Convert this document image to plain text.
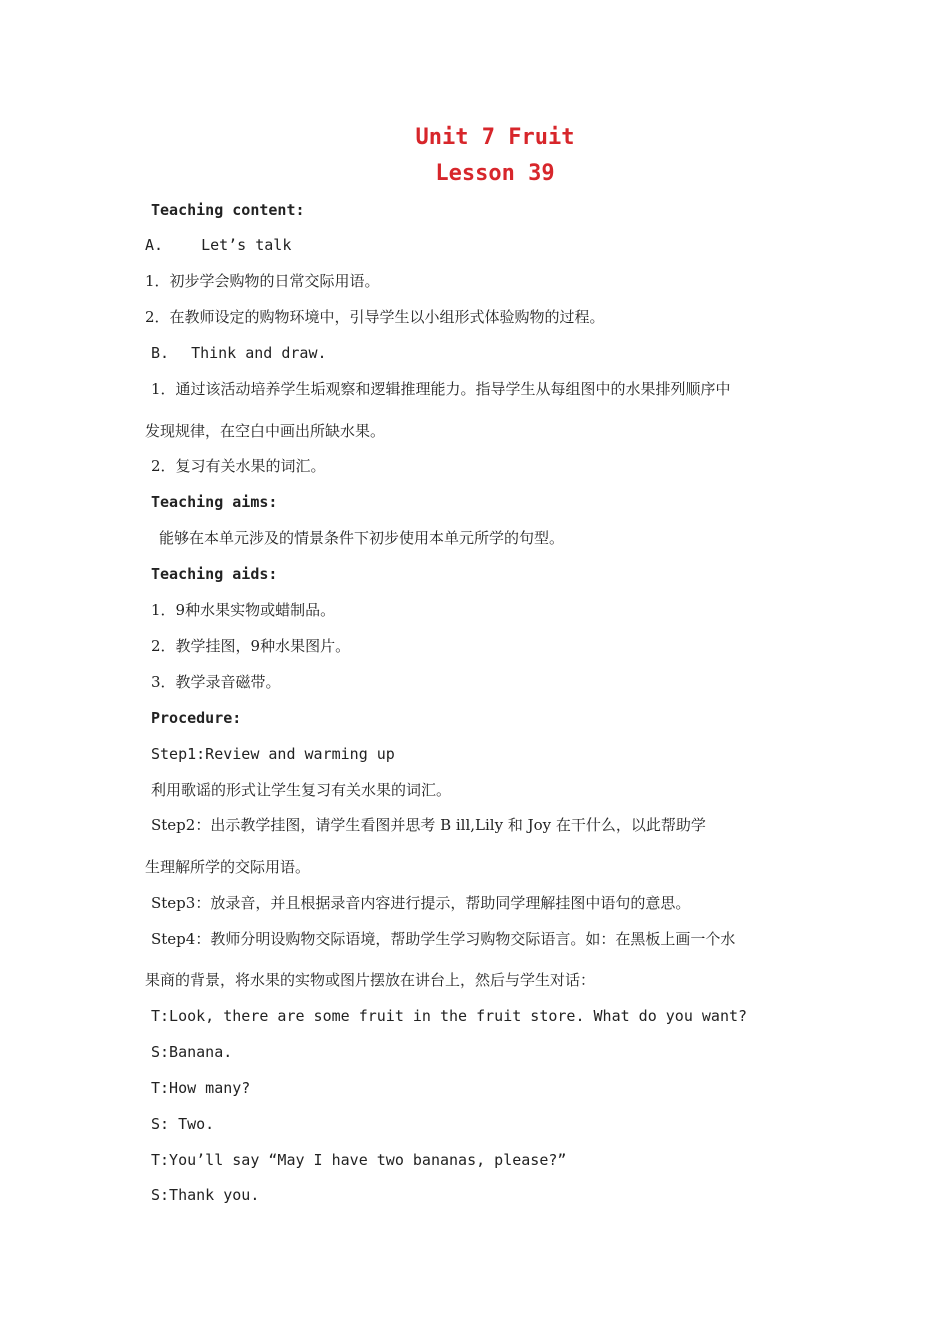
Unit 7 Fruit
Lesson 39
Teaching content:
A.	Let’s talk
1．初步学会购物的日常交际用语。
2．在教师设定的购物环境中，引导学生以小组形式体验购物的过程。
B. Think and draw.
1．通过该活动培养学生垢观察和逻辑推理能力。指导学生从每组图中的水果排列顺序中
发现规律，在空白中画出所缺水果。
2．复习有关水果的词汇。
Teaching aims:
能够在本单元涉及的情景条件下初步使用本单元所学的句型。
Teaching aids:
1．9种水果实物或蜡制品。
2．教学挂图，9种水果图片。
3．教学录音磁带。
Procedure:
Step1:Review and warming up
利用歌谣的形式让学生复习有关水果的词汇。
Step2：出示教学挂图，请学生看图并思考 B ill,Lily 和 Joy 在干什么，以此帮助学
生理解所学的交际用语。
Step3：放录音，并且根据录音内容进行提示，帮助同学理解挂图中语句的意思。
Step4：教师分明设购物交际语境，帮助学生学习购物交际语言。如：在黑板上画一个水
果商的背景，将水果的实物或图片摆放在讲台上，然后与学生对话：
T:Look, there are some fruit in the fruit store. What do you want?
S:Banana.
T:How many?
S: Two.
T:You’ll say “May I have two bananas, please?”
S:Thank you.
